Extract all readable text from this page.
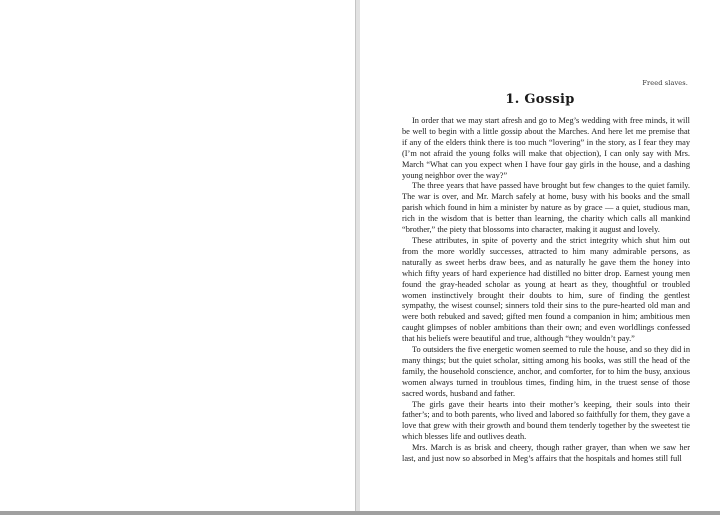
Freed slaves.
1. Gossip

In order that we may start afresh and go to Meg’s wedding with free minds, it will be well to begin with a little gossip about the Marches. And here let me premise that if any of the elders think there is too much “lovering” in the story, as I fear they may (I’m not afraid the young folks will make that objection), I can only say with Mrs. March “What can you expect when I have four gay girls in the house, and a dashing young neighbor over the way?”

The three years that have passed have brought but few changes to the quiet family. The war is over, and Mr. March safely at home, busy with his books and the small parish which found in him a minister by nature as by grace — a quiet, studious man, rich in the wisdom that is better than learning, the charity which calls all mankind “brother,” the piety that blossoms into character, making it august and lovely.

These attributes, in spite of poverty and the strict integrity which shut him out from the more worldly successes, attracted to him many admirable persons, as naturally as sweet herbs draw bees, and as naturally he gave them the honey into which fifty years of hard experience had distilled no bitter drop. Earnest young men found the gray-headed scholar as young at heart as they, thoughtful or troubled women instinctively brought their doubts to him, sure of finding the gentlest sympathy, the wisest counsel; sinners told their sins to the pure-hearted old man and were both rebuked and saved; gifted men found a companion in him; ambitious men caught glimpses of nobler ambitions than their own; and even worldlings confessed that his beliefs were beautiful and true, although “they wouldn’t pay.”

To outsiders the five energetic women seemed to rule the house, and so they did in many things; but the quiet scholar, sitting among his books, was still the head of the family, the household conscience, anchor, and comforter, for to him the busy, anxious women always turned in troublous times, finding him, in the truest sense of those sacred words, husband and father.

The girls gave their hearts into their mother’s keeping, their souls into their father’s; and to both parents, who lived and labored so faithfully for them, they gave a love that grew with their growth and bound them tenderly together by the sweetest tie which blesses life and outlives death.

Mrs. March is as brisk and cheery, though rather grayer, than when we saw her last, and just now so absorbed in Meg’s affairs that the hospitals and homes still full
